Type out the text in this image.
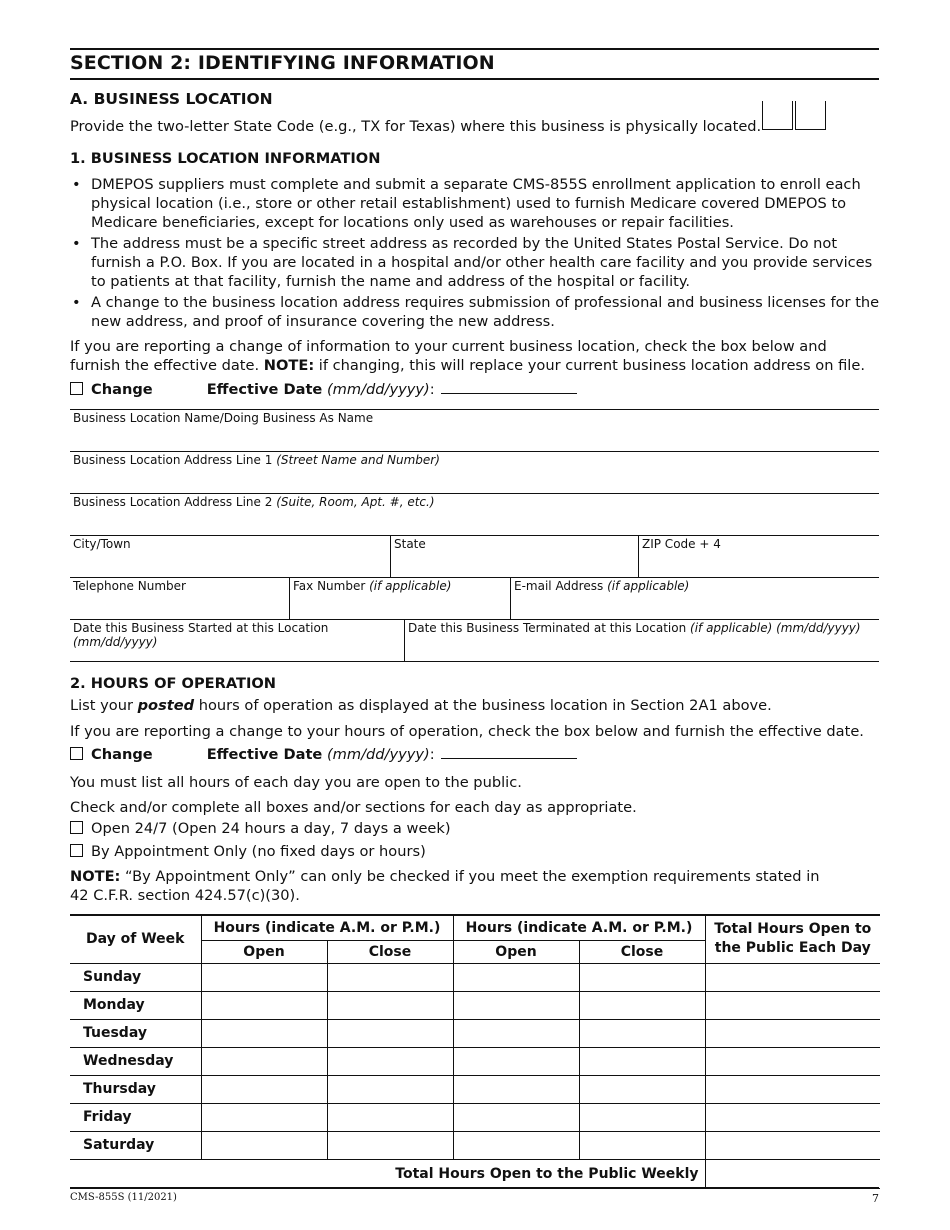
SECTION 2: IDENTIFYING INFORMATION
A. BUSINESS LOCATION
Provide the two-letter State Code (e.g., TX for Texas) where this business is physically located.
1. BUSINESS LOCATION INFORMATION
• DMEPOS suppliers must complete and submit a separate CMS-855S enrollment application to enroll each physical location (i.e., store or other retail establishment) used to furnish Medicare covered DMEPOS to Medicare beneficiaries, except for locations only used as warehouses or repair facilities.
• The address must be a specific street address as recorded by the United States Postal Service. Do not furnish a P.O. Box. If you are located in a hospital and/or other health care facility and you provide services to patients at that facility, furnish the name and address of the hospital or facility.
• A change to the business location address requires submission of professional and business licenses for the new address, and proof of insurance covering the new address.
If you are reporting a change of information to your current business location, check the box below and furnish the effective date. NOTE: if changing, this will replace your current business location address on file.
Change	Effective Date (mm/dd/yyyy):
Business Location Name/Doing Business As Name
Business Location Address Line 1 (Street Name and Number)
Business Location Address Line 2 (Suite, Room, Apt. #, etc.)
City/Town	State	ZIP Code + 4
Telephone Number	Fax Number (if applicable)	E-mail Address (if applicable)
Date this Business Started at this Location (mm/dd/yyyy)
Date this Business Terminated at this Location (if applicable) (mm/dd/yyyy)
2. HOURS OF OPERATION
List your posted hours of operation as displayed at the business location in Section 2A1 above.
If you are reporting a change to your hours of operation, check the box below and furnish the effective date.
Change	Effective Date (mm/dd/yyyy):
You must list all hours of each day you are open to the public.
Check and/or complete all boxes and/or sections for each day as appropriate.
Open 24/7 (Open 24 hours a day, 7 days a week)
By Appointment Only (no fixed days or hours)
NOTE: “By Appointment Only” can only be checked if you meet the exemption requirements stated in
42 C.F.R. section 424.57(c)(30).
Day of Week	Hours (indicate A.M. or P.M.)		Hours (indicate A.M. or P.M.)		Total Hours Open to
the Public Each Day
	Open	Close	Open	Close	
Sunday					
Monday					
Tuesday					
Wednesday					
Thursday					
Friday					
Saturday					
Total Hours Open to the Public Weekly					
CMS-855S (11/2021)	7
